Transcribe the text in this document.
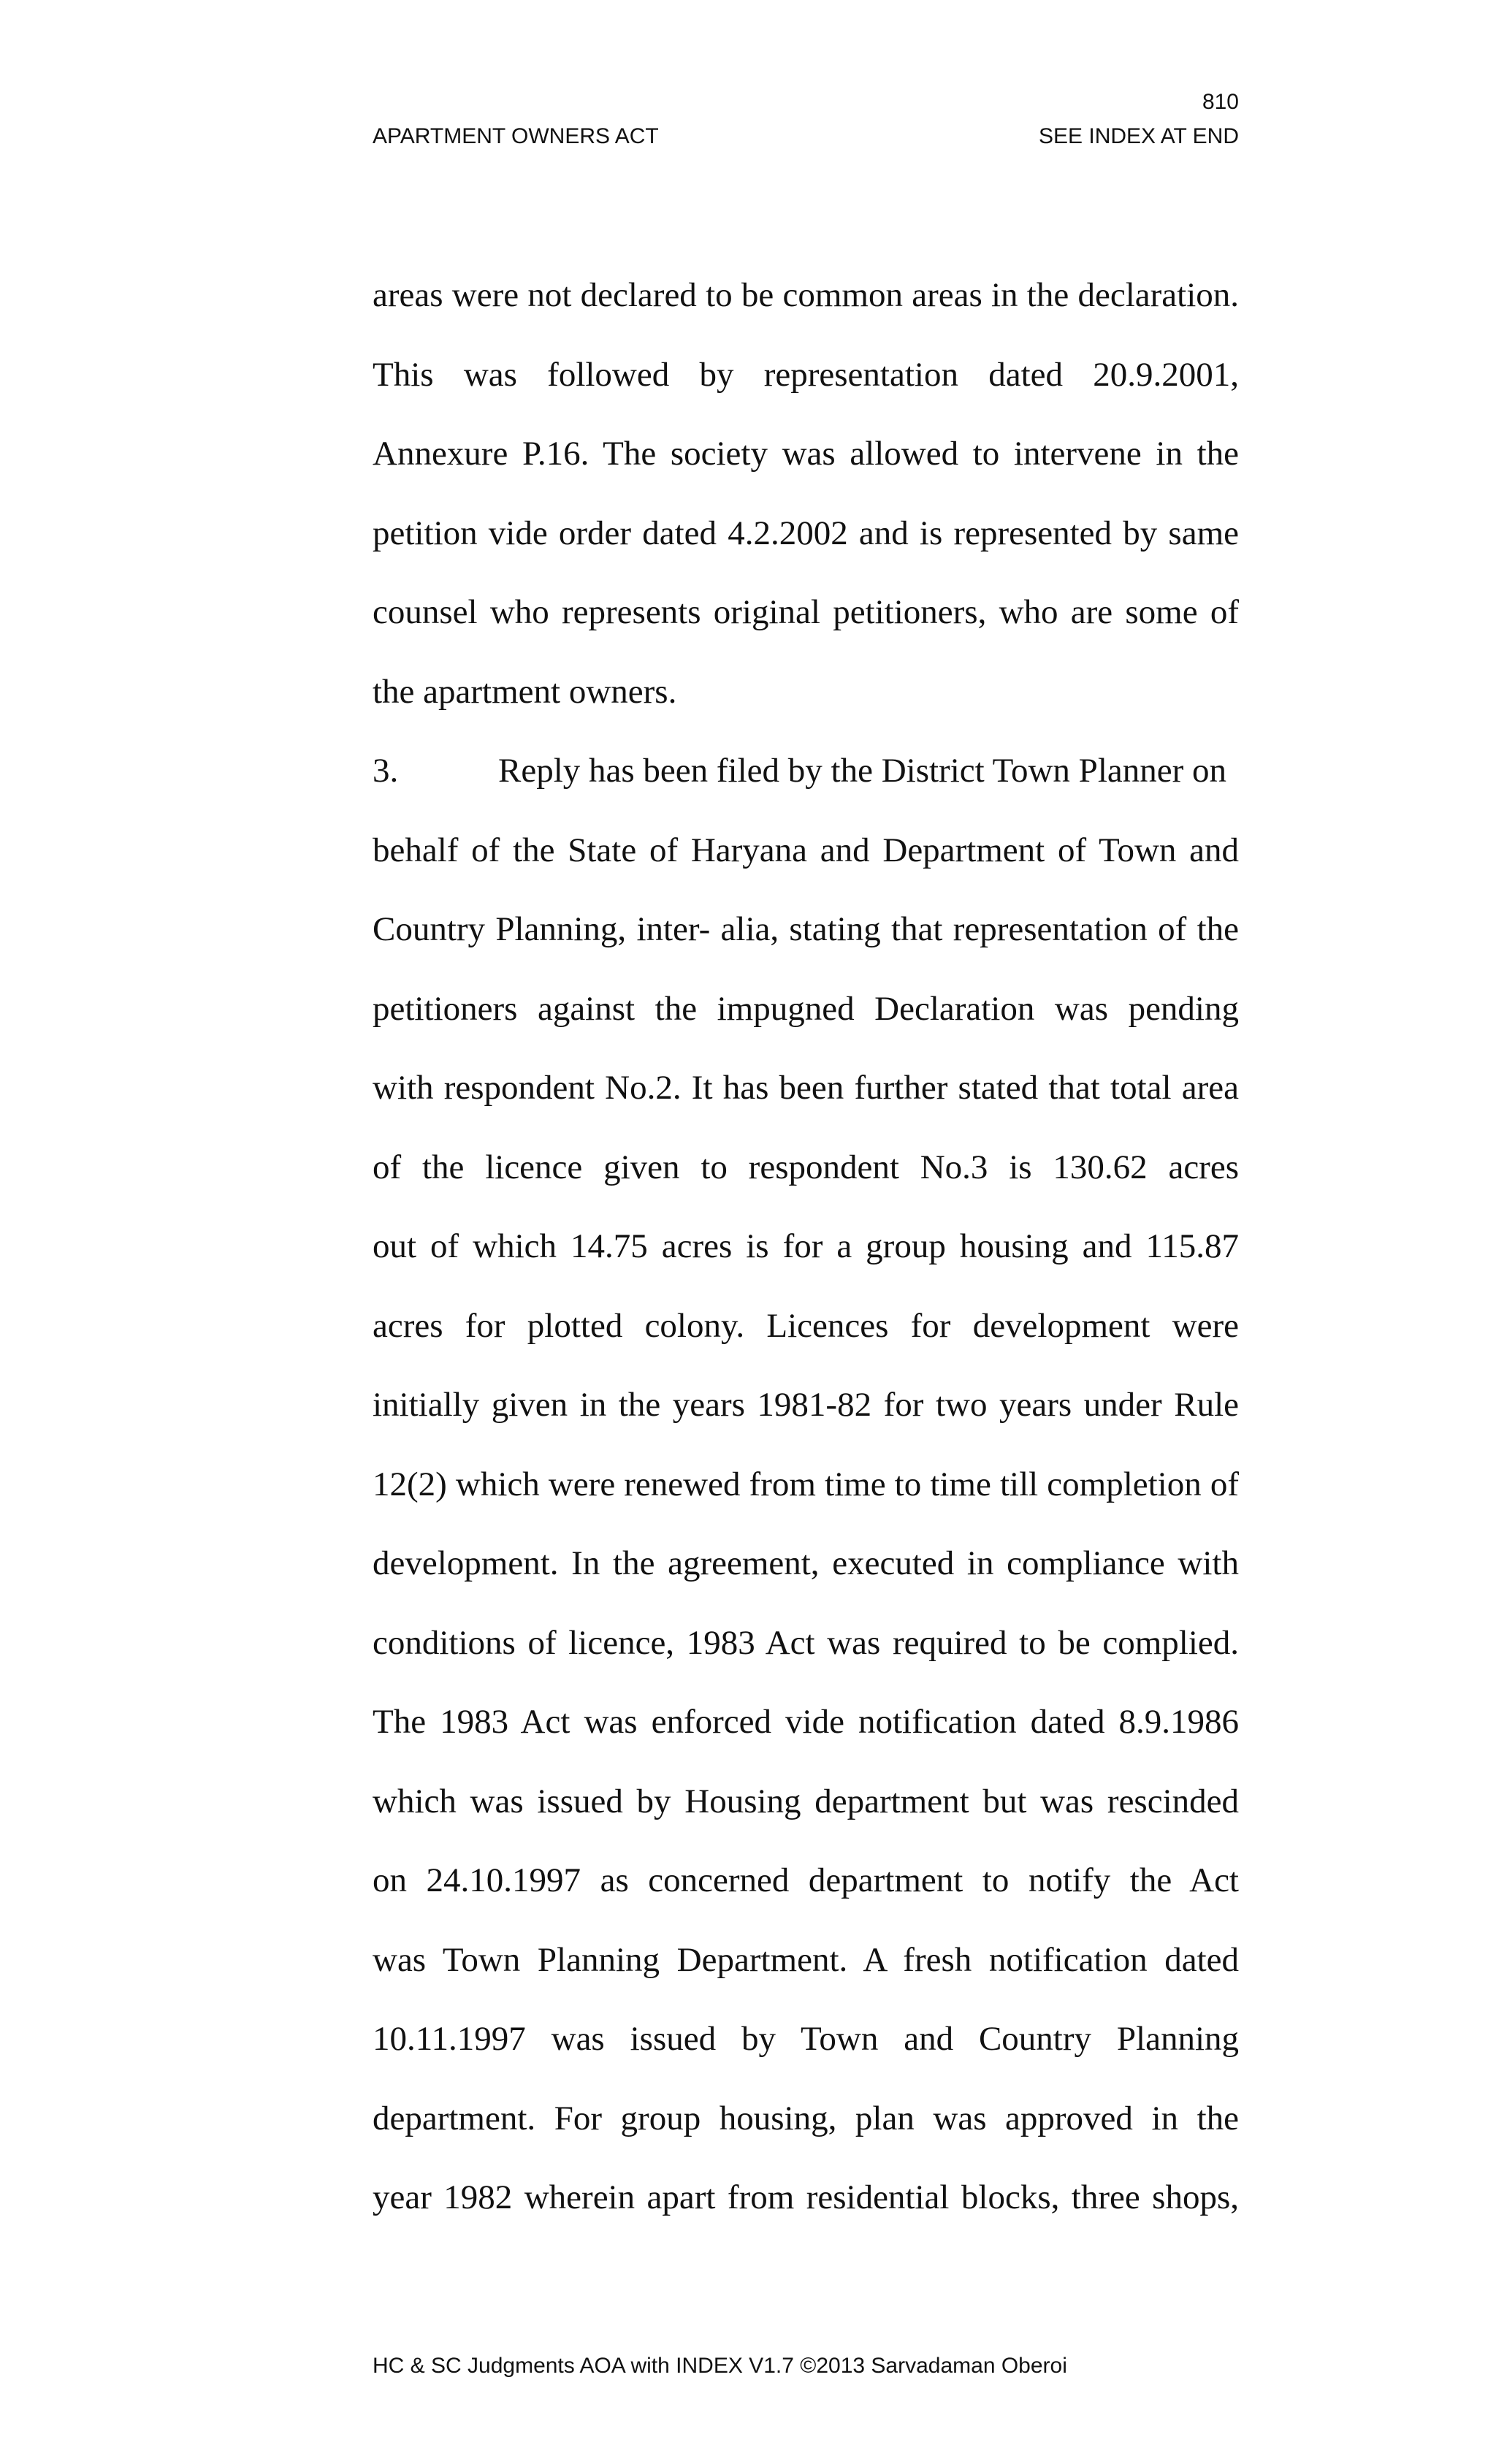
810
APARTMENT OWNERS ACT	SEE INDEX AT END
areas were not declared to be common areas in the declaration.
This was followed by representation dated 20.9.2001,
Annexure P.16. The society was allowed to intervene in the
petition vide order dated 4.2.2002 and is represented by same
counsel who represents original petitioners, who are some of
the apartment owners.
3.	Reply has been filed by the District Town Planner on
behalf of the State of Haryana and Department of Town and
Country Planning, inter- alia, stating that representation of the
petitioners against the impugned Declaration was pending
with respondent No.2. It has been further stated that total area
of the licence given to respondent No.3 is 130.62 acres
out of which 14.75 acres is for a group housing and 115.87
acres for plotted colony. Licences for development were
initially given in the years 1981-82 for two years under Rule
12(2) which were renewed from time to time till completion of
development. In the agreement, executed in compliance with
conditions of licence, 1983 Act was required to be complied.
The 1983 Act was enforced vide notification dated 8.9.1986
which was issued by Housing department but was rescinded
on 24.10.1997 as concerned department to notify the Act
was Town Planning Department. A fresh notification dated
10.11.1997 was issued by Town and Country Planning
department. For group housing, plan was approved in the
year 1982 wherein apart from residential blocks, three shops,
HC & SC Judgments AOA with INDEX V1.7 ©2013 Sarvadaman Oberoi
